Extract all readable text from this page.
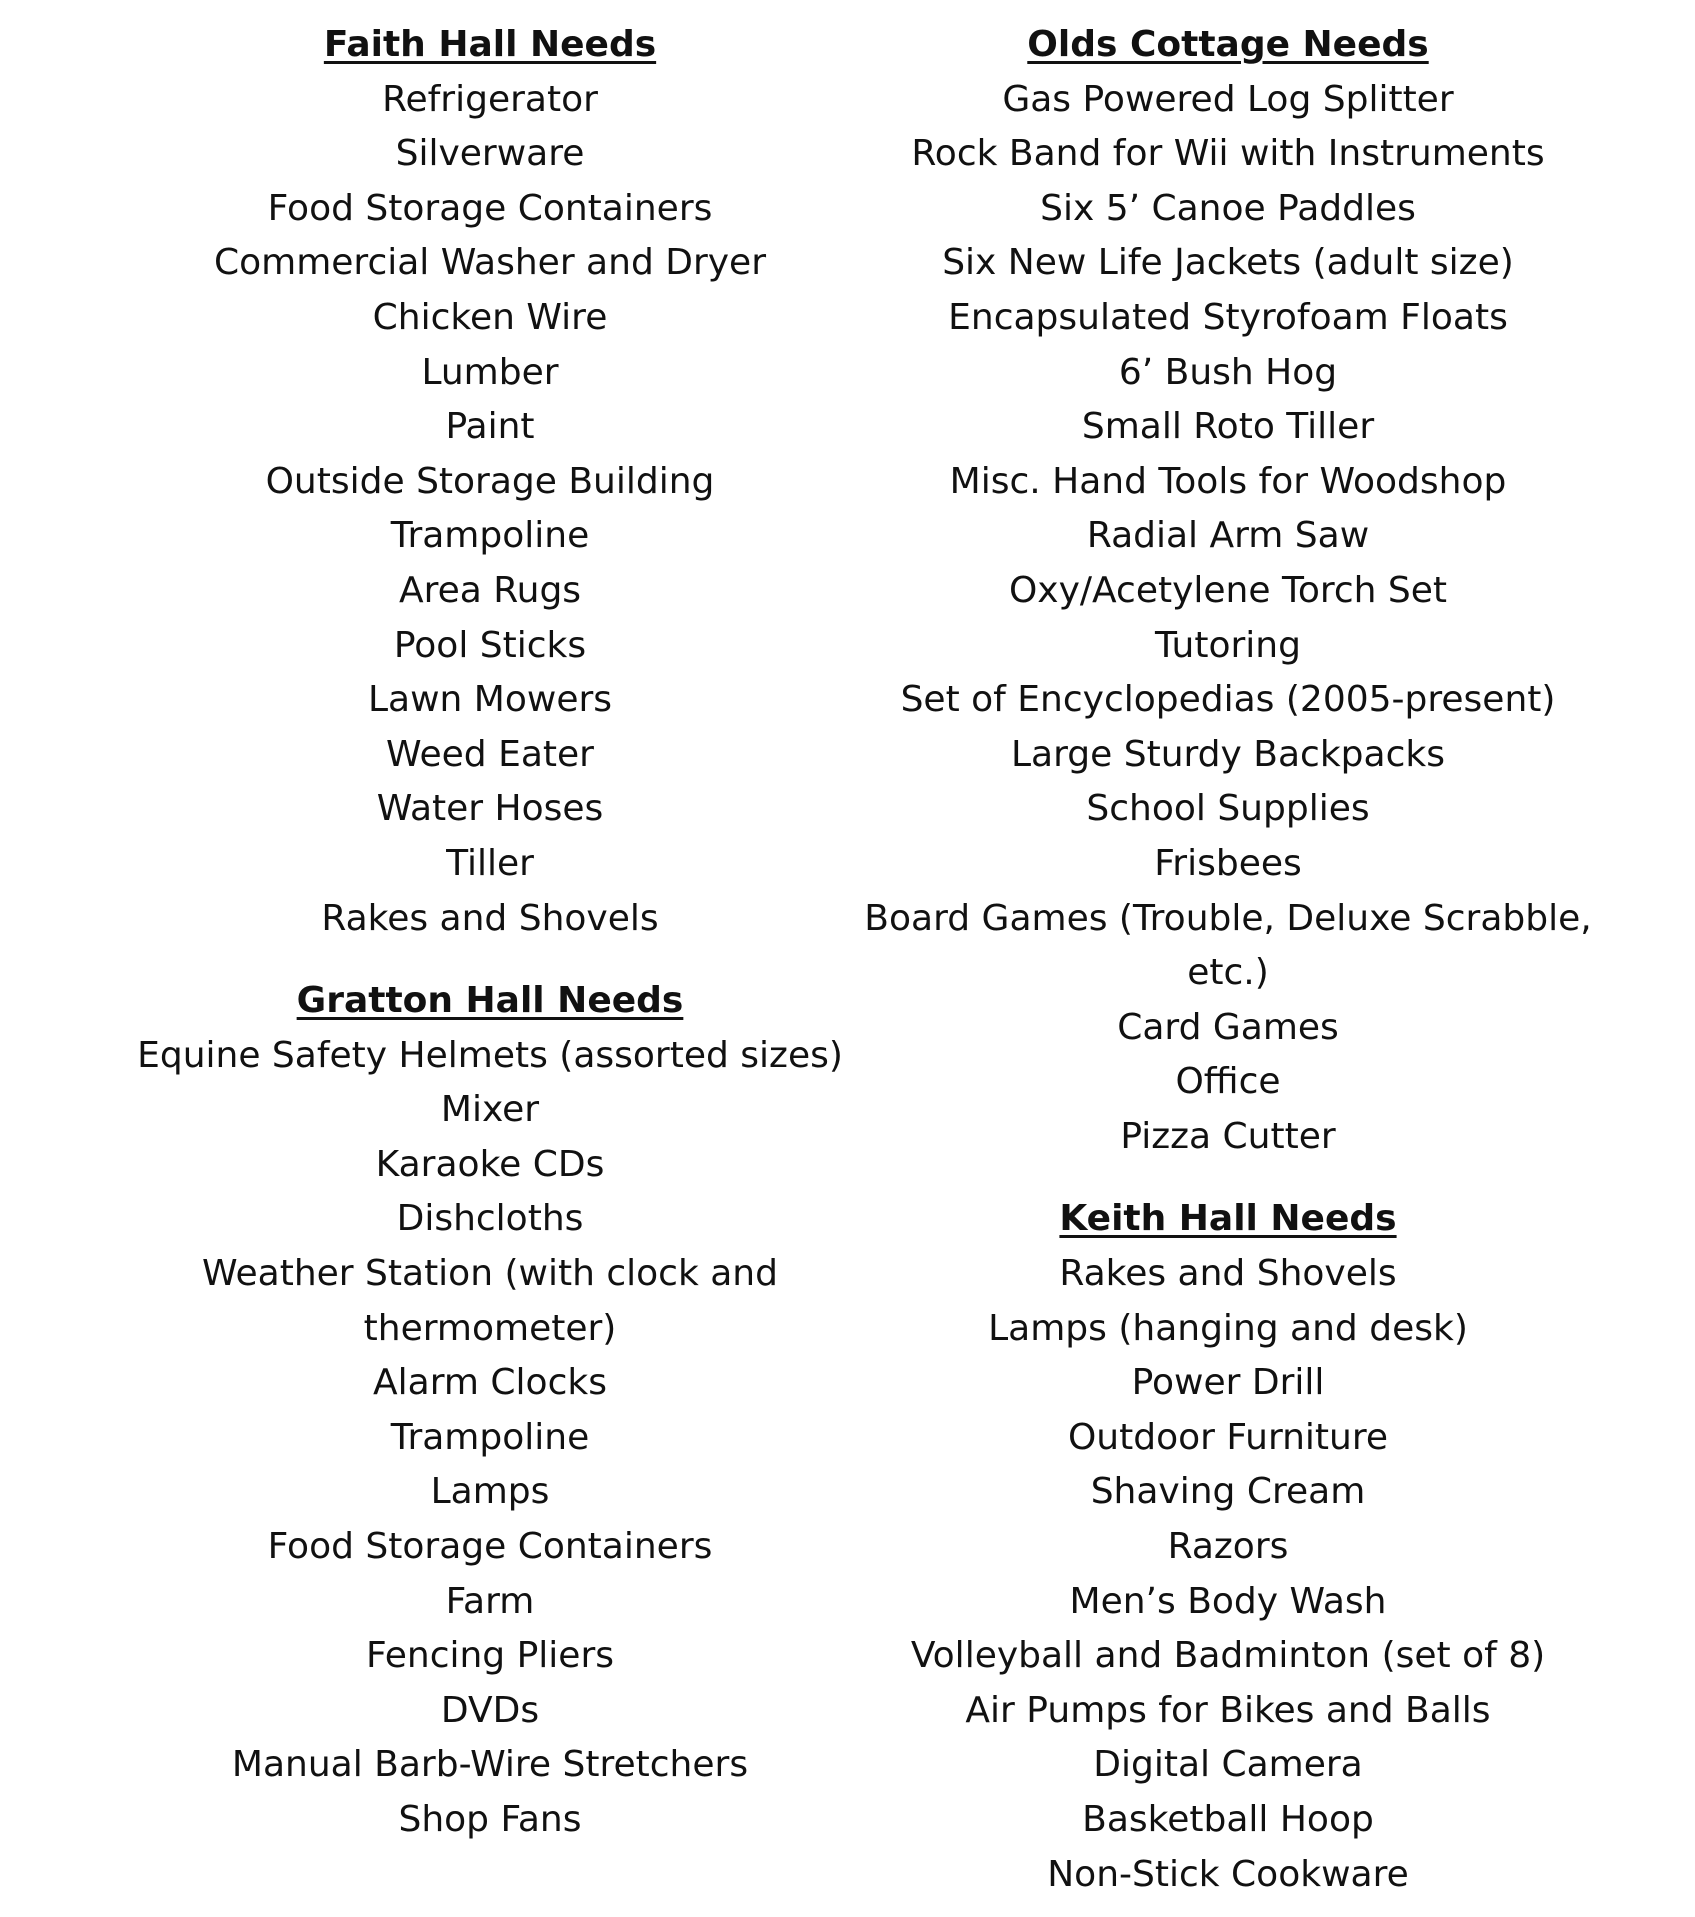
Faith Hall Needs
Refrigerator
Silverware
Food Storage Containers
Commercial Washer and Dryer
Chicken Wire
Lumber
Paint
Outside Storage Building
Trampoline
Area Rugs
Pool Sticks
Lawn Mowers
Weed Eater
Water Hoses
Tiller
Rakes and Shovels
Gratton Hall Needs
Equine Safety Helmets (assorted sizes)
Mixer
Karaoke CDs
Dishcloths
Weather Station (with clock and
thermometer)
Alarm Clocks
Trampoline
Lamps
Food Storage Containers
Farm
Fencing Pliers
DVDs
Manual Barb-Wire Stretchers
Shop Fans
Olds Cottage Needs
Gas Powered Log Splitter
Rock Band for Wii with Instruments
Six 5’ Canoe Paddles
Six New Life Jackets (adult size)
Encapsulated Styrofoam Floats
6’ Bush Hog
Small Roto Tiller
Misc. Hand Tools for Woodshop
Radial Arm Saw
Oxy/Acetylene Torch Set
Tutoring
Set of Encyclopedias (2005-present)
Large Sturdy Backpacks
School Supplies
Frisbees
Board Games (Trouble, Deluxe Scrabble,
etc.)
Card Games
Office
Pizza Cutter
Keith Hall Needs
Rakes and Shovels
Lamps (hanging and desk)
Power Drill
Outdoor Furniture
Shaving Cream
Razors
Men’s Body Wash
Volleyball and Badminton (set of 8)
Air Pumps for Bikes and Balls
Digital Camera
Basketball Hoop
Non-Stick Cookware
